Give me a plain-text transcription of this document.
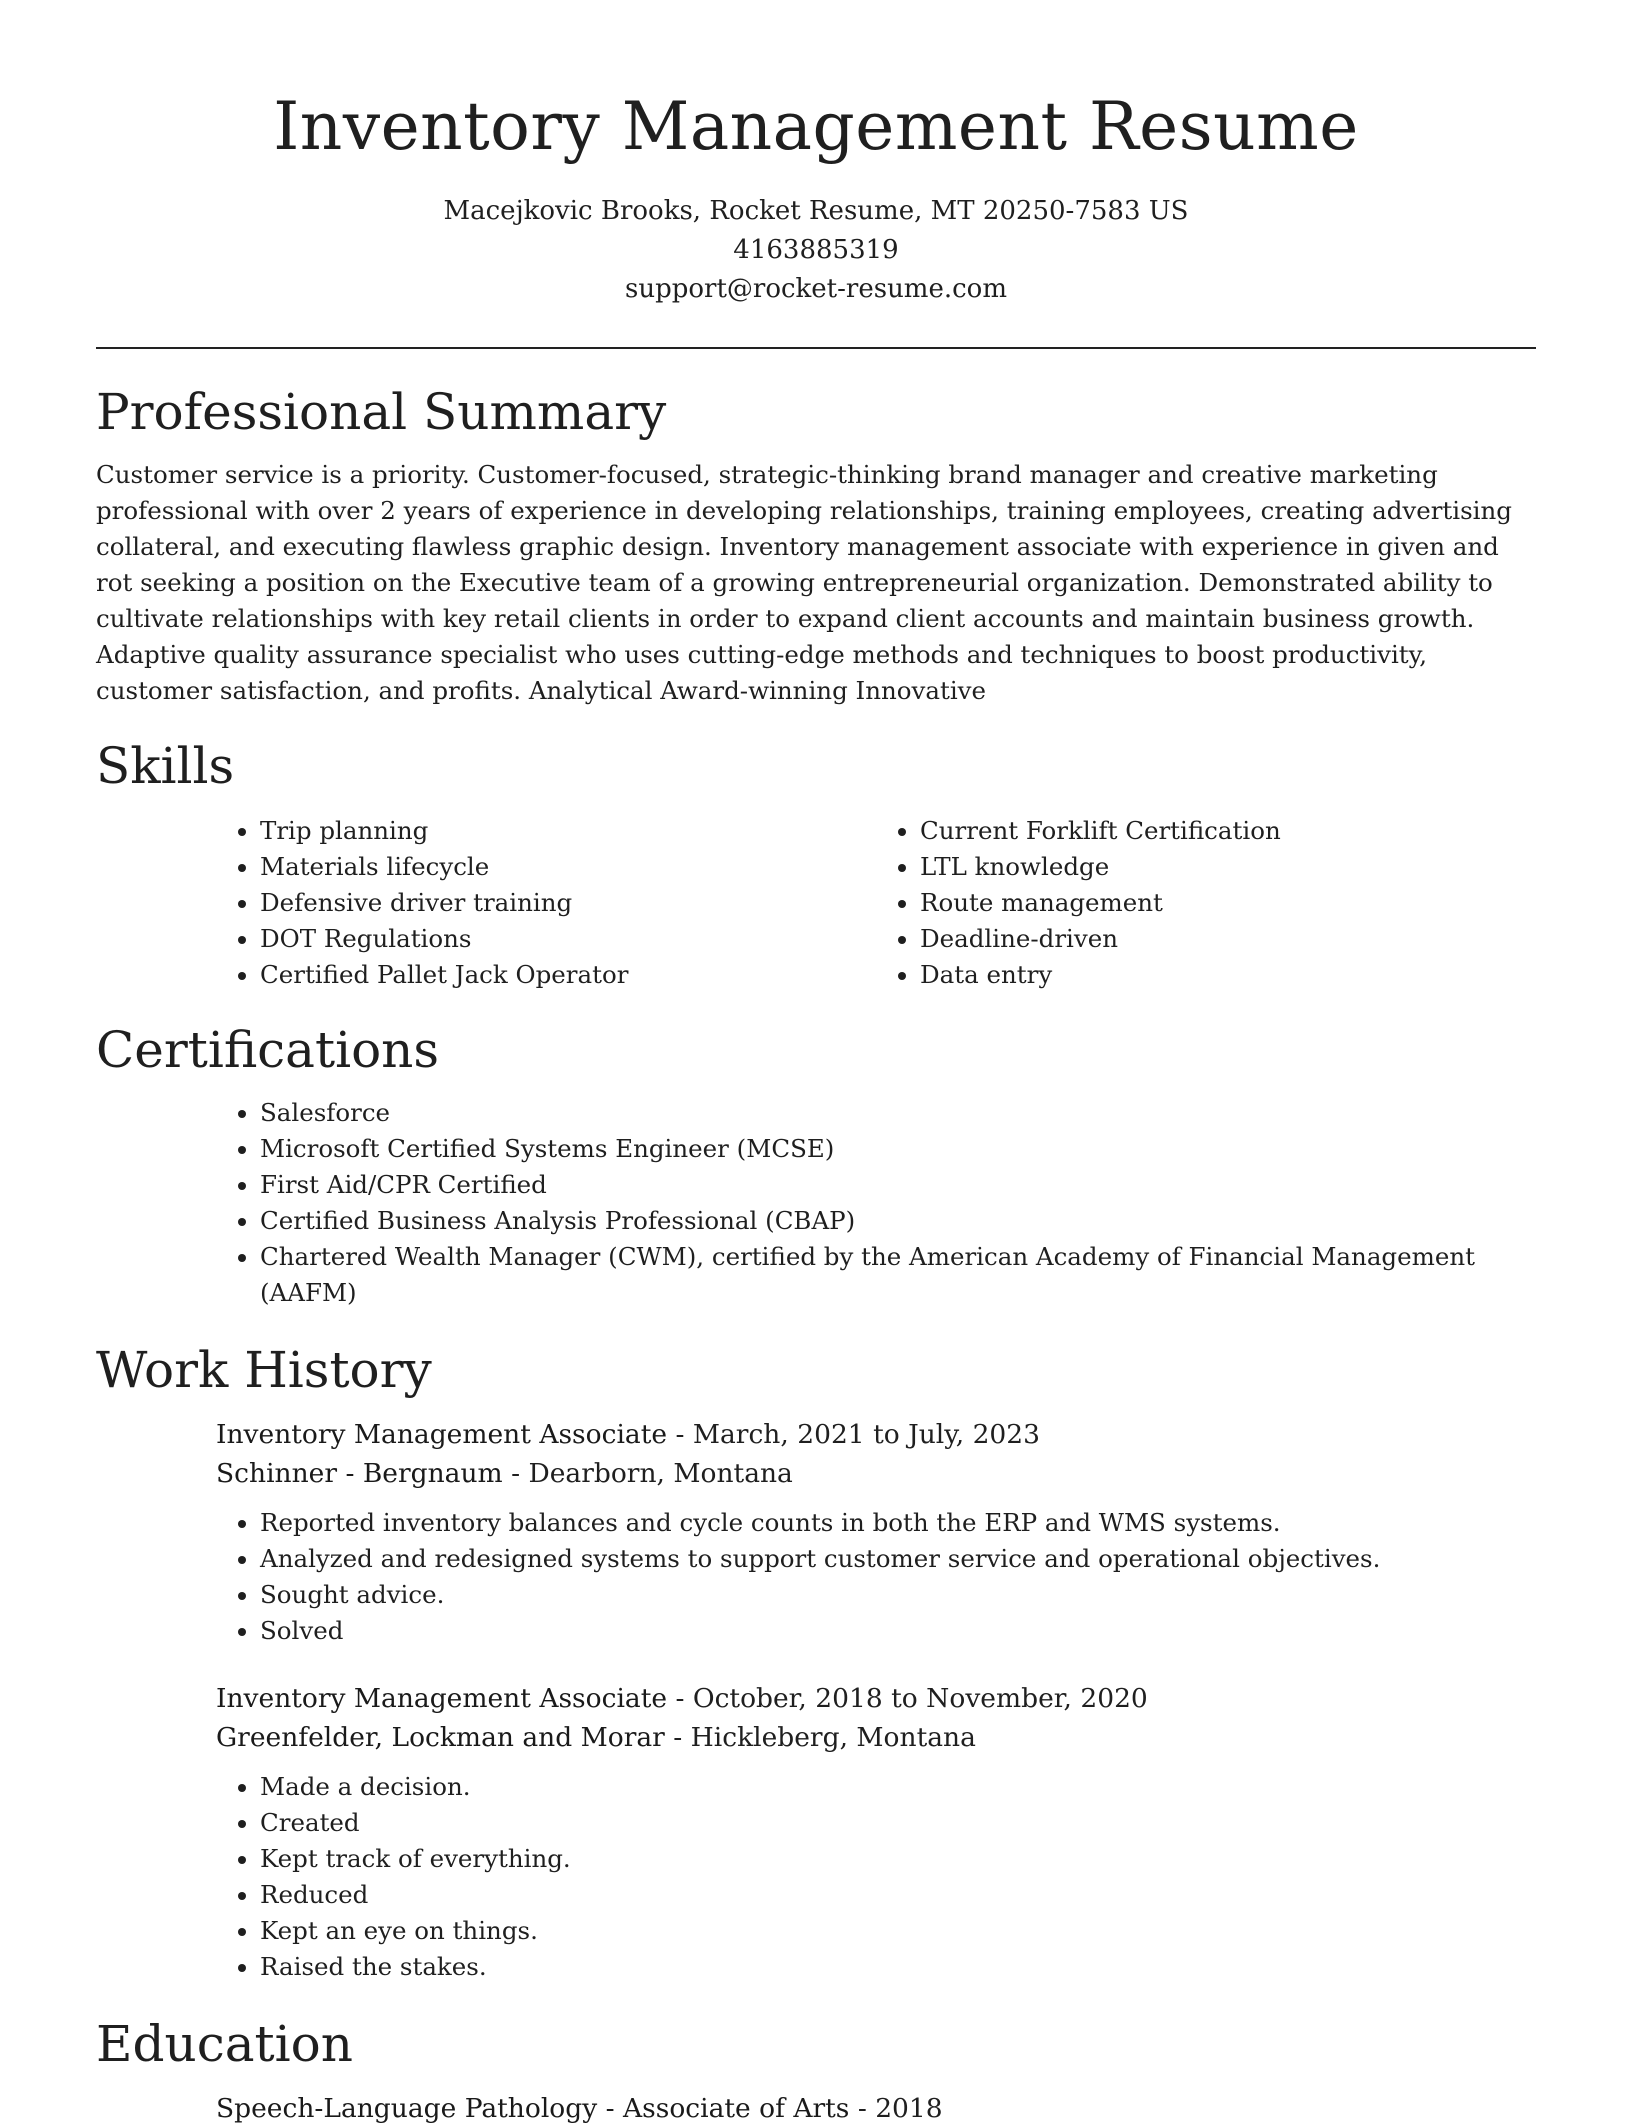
Inventory Management Resume
Macejkovic Brooks, Rocket Resume, MT 20250-7583 US
4163885319
support@rocket-resume.com
Professional Summary

Customer service is a priority. Customer-focused, strategic-thinking brand manager and creative marketing professional with over 2 years of experience in developing relationships, training employees, creating advertising collateral, and executing flawless graphic design. Inventory management associate with experience in given and rot seeking a position on the Executive team of a growing entrepreneurial organization. Demonstrated ability to cultivate relationships with key retail clients in order to expand client accounts and maintain business growth. Adaptive quality assurance specialist who uses cutting-edge methods and techniques to boost productivity, customer satisfaction, and profits. Analytical Award-winning Innovative

Skills
• Trip planning
• Materials lifecycle
• Defensive driver training
• DOT Regulations
• Certified Pallet Jack Operator
• Current Forklift Certification
• LTL knowledge
• Route management
• Deadline-driven
• Data entry
Certifications
• Salesforce
• Microsoft Certified Systems Engineer (MCSE)
• First Aid/CPR Certified
• Certified Business Analysis Professional (CBAP)
• Chartered Wealth Manager (CWM), certified by the American Academy of Financial Management (AAFM)
Work History
Inventory Management Associate - March, 2021 to July, 2023
Schinner - Bergnaum - Dearborn, Montana
• Reported inventory balances and cycle counts in both the ERP and WMS systems.
• Analyzed and redesigned systems to support customer service and operational objectives.
• Sought advice.
• Solved
Inventory Management Associate - October, 2018 to November, 2020
Greenfelder, Lockman and Morar - Hickleberg, Montana
• Made a decision.
• Created
• Kept track of everything.
• Reduced
• Kept an eye on things.
• Raised the stakes.
Education
Speech-Language Pathology - Associate of Arts - 2018
